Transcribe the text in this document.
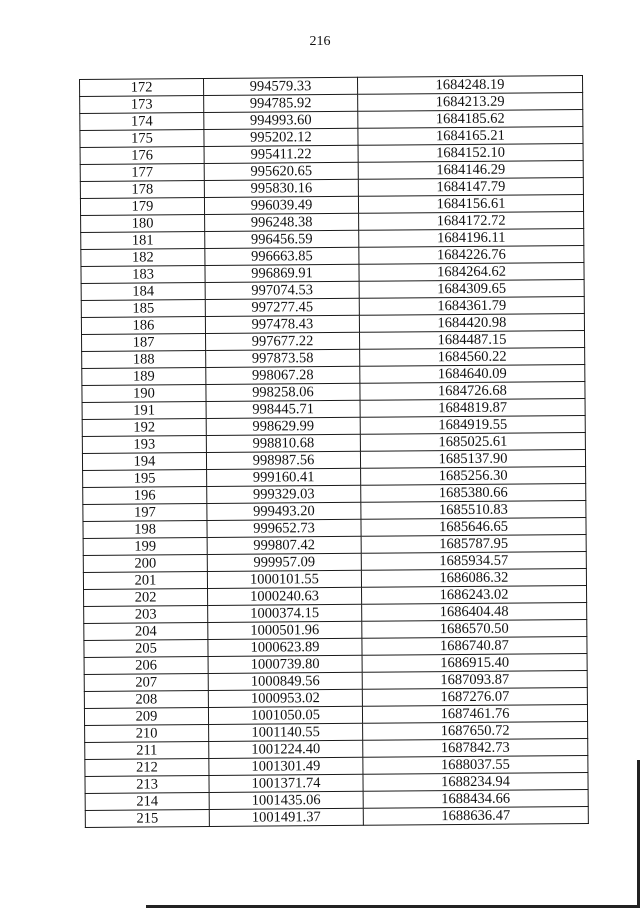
216
172	994579.33	1684248.19
173	994785.92	1684213.29
174	994993.60	1684185.62
175	995202.12	1684165.21
176	995411.22	1684152.10
177	995620.65	1684146.29
178	995830.16	1684147.79
179	996039.49	1684156.61
180	996248.38	1684172.72
181	996456.59	1684196.11
182	996663.85	1684226.76
183	996869.91	1684264.62
184	997074.53	1684309.65
185	997277.45	1684361.79
186	997478.43	1684420.98
187	997677.22	1684487.15
188	997873.58	1684560.22
189	998067.28	1684640.09
190	998258.06	1684726.68
191	998445.71	1684819.87
192	998629.99	1684919.55
193	998810.68	1685025.61
194	998987.56	1685137.90
195	999160.41	1685256.30
196	999329.03	1685380.66
197	999493.20	1685510.83
198	999652.73	1685646.65
199	999807.42	1685787.95
200	999957.09	1685934.57
201	1000101.55	1686086.32
202	1000240.63	1686243.02
203	1000374.15	1686404.48
204	1000501.96	1686570.50
205	1000623.89	1686740.87
206	1000739.80	1686915.40
207	1000849.56	1687093.87
208	1000953.02	1687276.07
209	1001050.05	1687461.76
210	1001140.55	1687650.72
211	1001224.40	1687842.73
212	1001301.49	1688037.55
213	1001371.74	1688234.94
214	1001435.06	1688434.66
215	1001491.37	1688636.47
